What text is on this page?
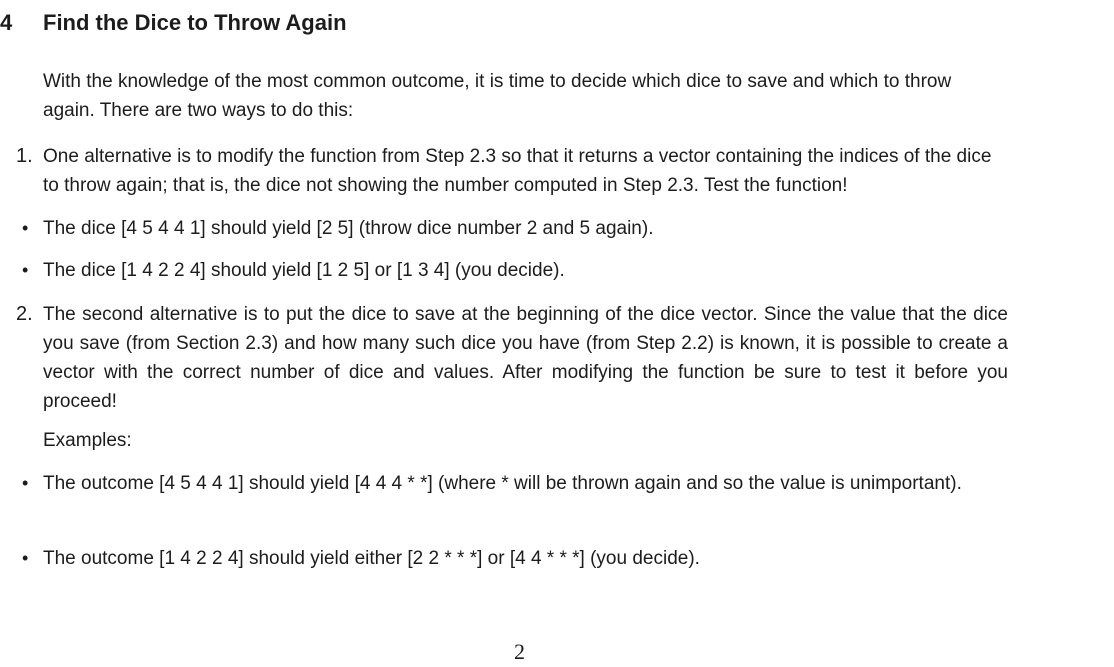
4 Find the Dice to Throw Again
With the knowledge of the most common outcome, it is time to decide which dice to save and which to throw again. There are two ways to do this:
1. One alternative is to modify the function from Step 2.3 so that it returns a vector containing the indices of the dice to throw again; that is, the dice not showing the number computed in Step 2.3. Test the function!
• The dice [4 5 4 4 1] should yield [2 5] (throw dice number 2 and 5 again).
• The dice [1 4 2 2 4] should yield [1 2 5] or [1 3 4] (you decide).
2. The second alternative is to put the dice to save at the beginning of the dice vector. Since the value that the dice you save (from Section 2.3) and how many such dice you have (from Step 2.2) is known, it is possible to create a vector with the correct number of dice and values. After modifying the function be sure to test it before you proceed!
Examples:
• The outcome [4 5 4 4 1] should yield [4 4 4 * *] (where * will be thrown again and so the value is unimportant).
• The outcome [1 4 2 2 4] should yield either [2 2 * * *] or [4 4 * * *] (you decide).
2
